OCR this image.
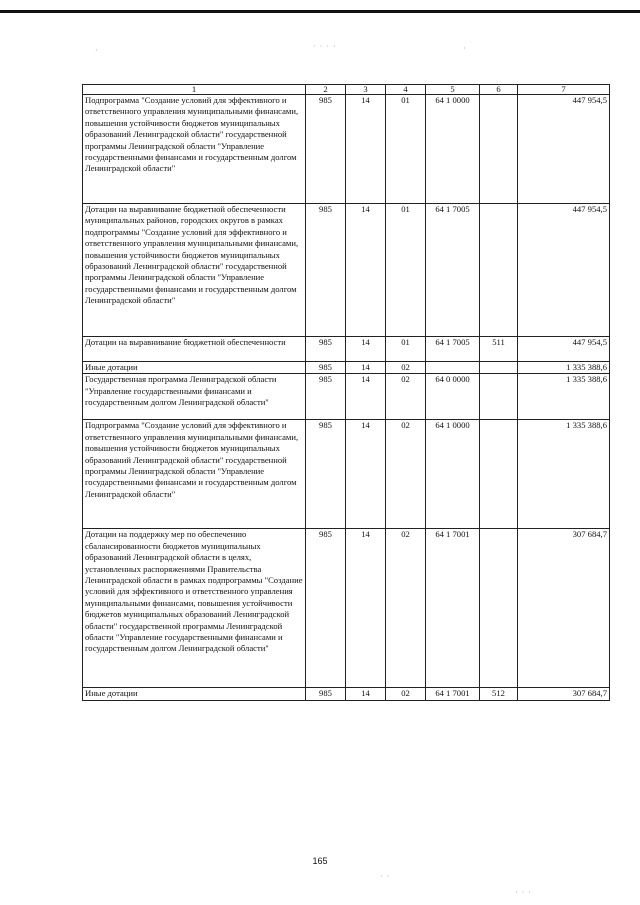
· · · ·
·	·
· ·
· · ·
1	2	3	4	5	6	7
Подпрограмма "Создание условий для эффективного и ответственного управления муниципальными финансами, повышения устойчивости бюджетов муниципальных образований Ленинградской области" государственной программы Ленинградской области "Управление государственными финансами и государственным долгом Ленинградской области"	985	14	01	64 1 0000		447 954,5
Дотации на выравнивание бюджетной обеспеченности муниципальных районов, городских округов в рамках подпрограммы "Создание условий для эффективного и ответственного управления муниципальными финансами, повышения устойчивости бюджетов муниципальных образований Ленинградской области" государственной программы Ленинградской области "Управление государственными финансами и государственным долгом Ленинградской области"	985	14	01	64 1 7005		447 954,5
Дотации на выравнивание бюджетной обеспеченности	985	14	01	64 1 7005	511	447 954,5
Иные дотации	985	14	02			1 335 388,6
Государственная программа Ленинградской области "Управление государственными финансами и государственным долгом Ленинградской области"	985	14	02	64 0 0000		1 335 388,6
Подпрограмма "Создание условий для эффективного и ответственного управления муниципальными финансами, повышения устойчивости бюджетов муниципальных образований Ленинградской области" государственной программы Ленинградской области "Управление государственными финансами и государственным долгом Ленинградской области"	985	14	02	64 1 0000		1 335 388,6
Дотации на поддержку мер по обеспечению сбалансированности бюджетов муниципальных образований Ленинградской области в целях, установленных распоряжениями Правительства Ленинградской области в рамках подпрограммы "Создание условий для эффективного и ответственного управления муниципальными финансами, повышения устойчивости бюджетов муниципальных образований Ленинградской области" государственной программы Ленинградской области "Управление государственными финансами и государственным долгом Ленинградской области"	985	14	02	64 1 7001		307 684,7
Иные дотации	985	14	02	64 1 7001	512	307 684,7
165
